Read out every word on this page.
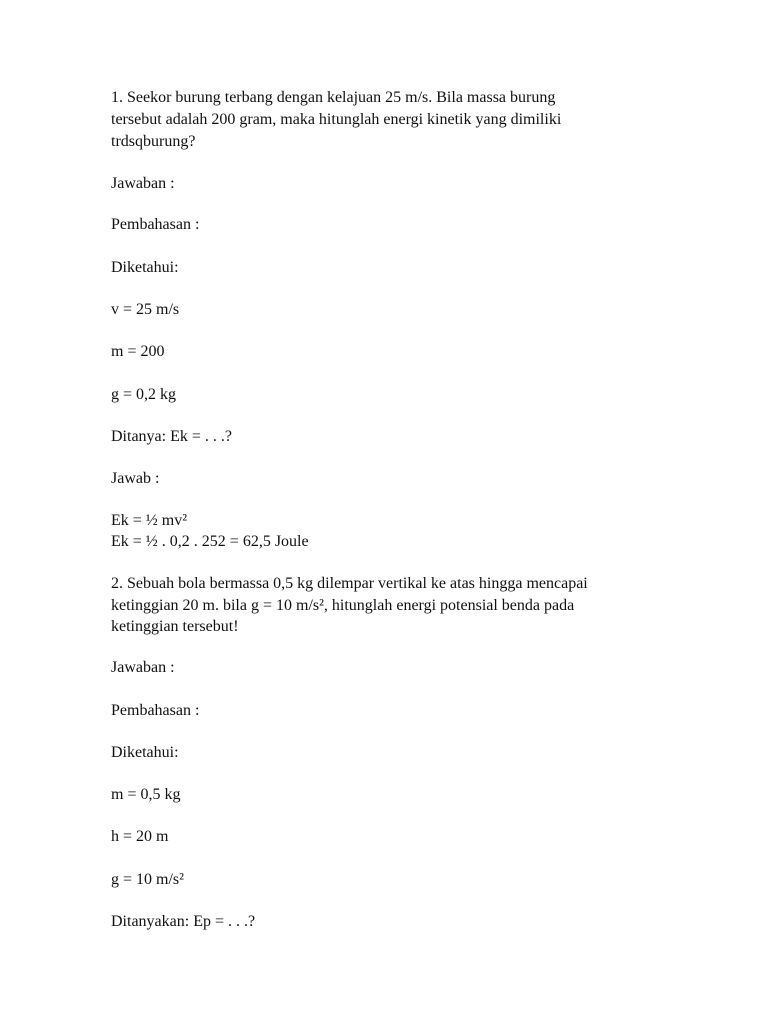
1. Seekor burung terbang dengan kelajuan 25 m/s. Bila massa burung
tersebut adalah 200 gram, maka hitunglah energi kinetik yang dimiliki
trdsqburung?
Jawaban :
Pembahasan :
Diketahui:
v = 25 m/s
m = 200
g = 0,2 kg
Ditanya: Ek = . . .?
Jawab :
Ek = ½ mv²
Ek = ½ . 0,2 . 252 = 62,5 Joule
2. Sebuah bola bermassa 0,5 kg dilempar vertikal ke atas hingga mencapai
ketinggian 20 m. bila g = 10 m/s², hitunglah energi potensial benda pada
ketinggian tersebut!
Jawaban :
Pembahasan :
Diketahui:
m = 0,5 kg
h = 20 m
g = 10 m/s²
Ditanyakan: Ep = . . .?
